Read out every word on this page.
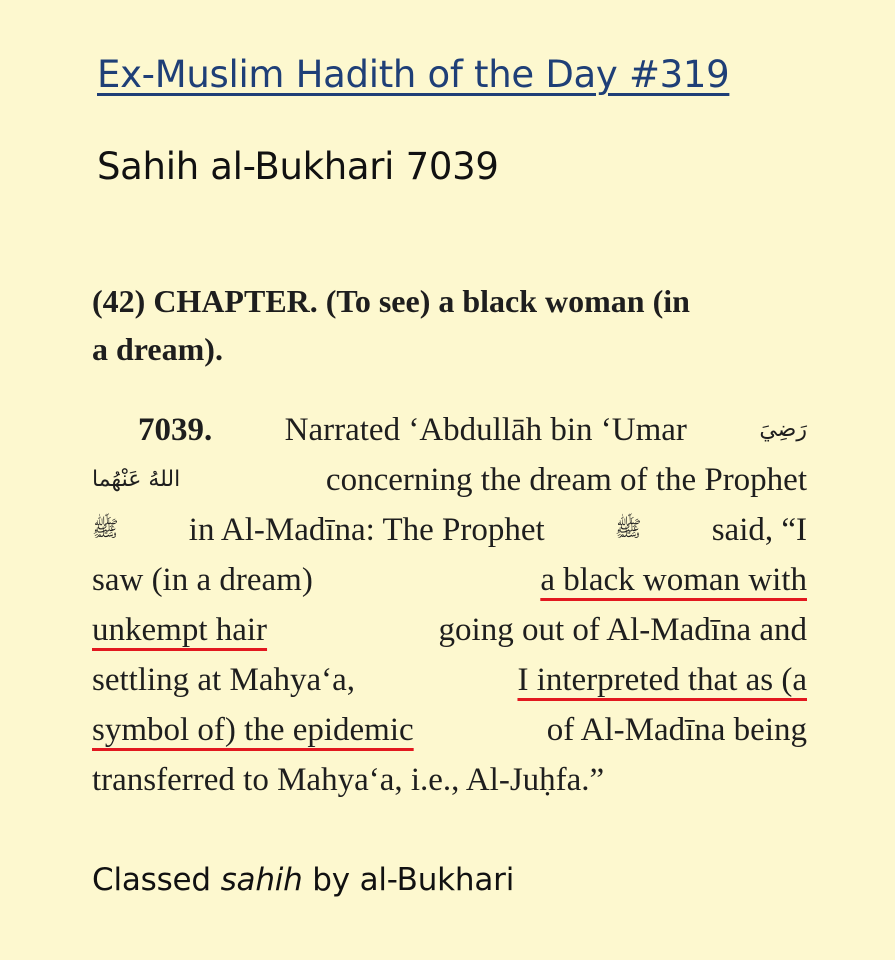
Ex-Muslim Hadith of the Day #319
Sahih al-Bukhari 7039
(42) CHAPTER. (To see) a black woman (in
a dream).
7039. Narrated ‘Abdullāh bin ‘Umar	رَضِيَ
اللهُ عَنْهُما	concerning the dream of the Prophet
ﷺ in Al-Madīna: The Prophet	ﷺ said, “I
saw (in a dream)	a black woman with
unkempt hair	going out of Al-Madīna and
settling at Mahya‘a,	I interpreted that as (a
symbol of) the epidemic	of Al-Madīna being
transferred to Mahya‘a, i.e., Al-Juḥfa.”
Classed sahih by al-Bukhari
